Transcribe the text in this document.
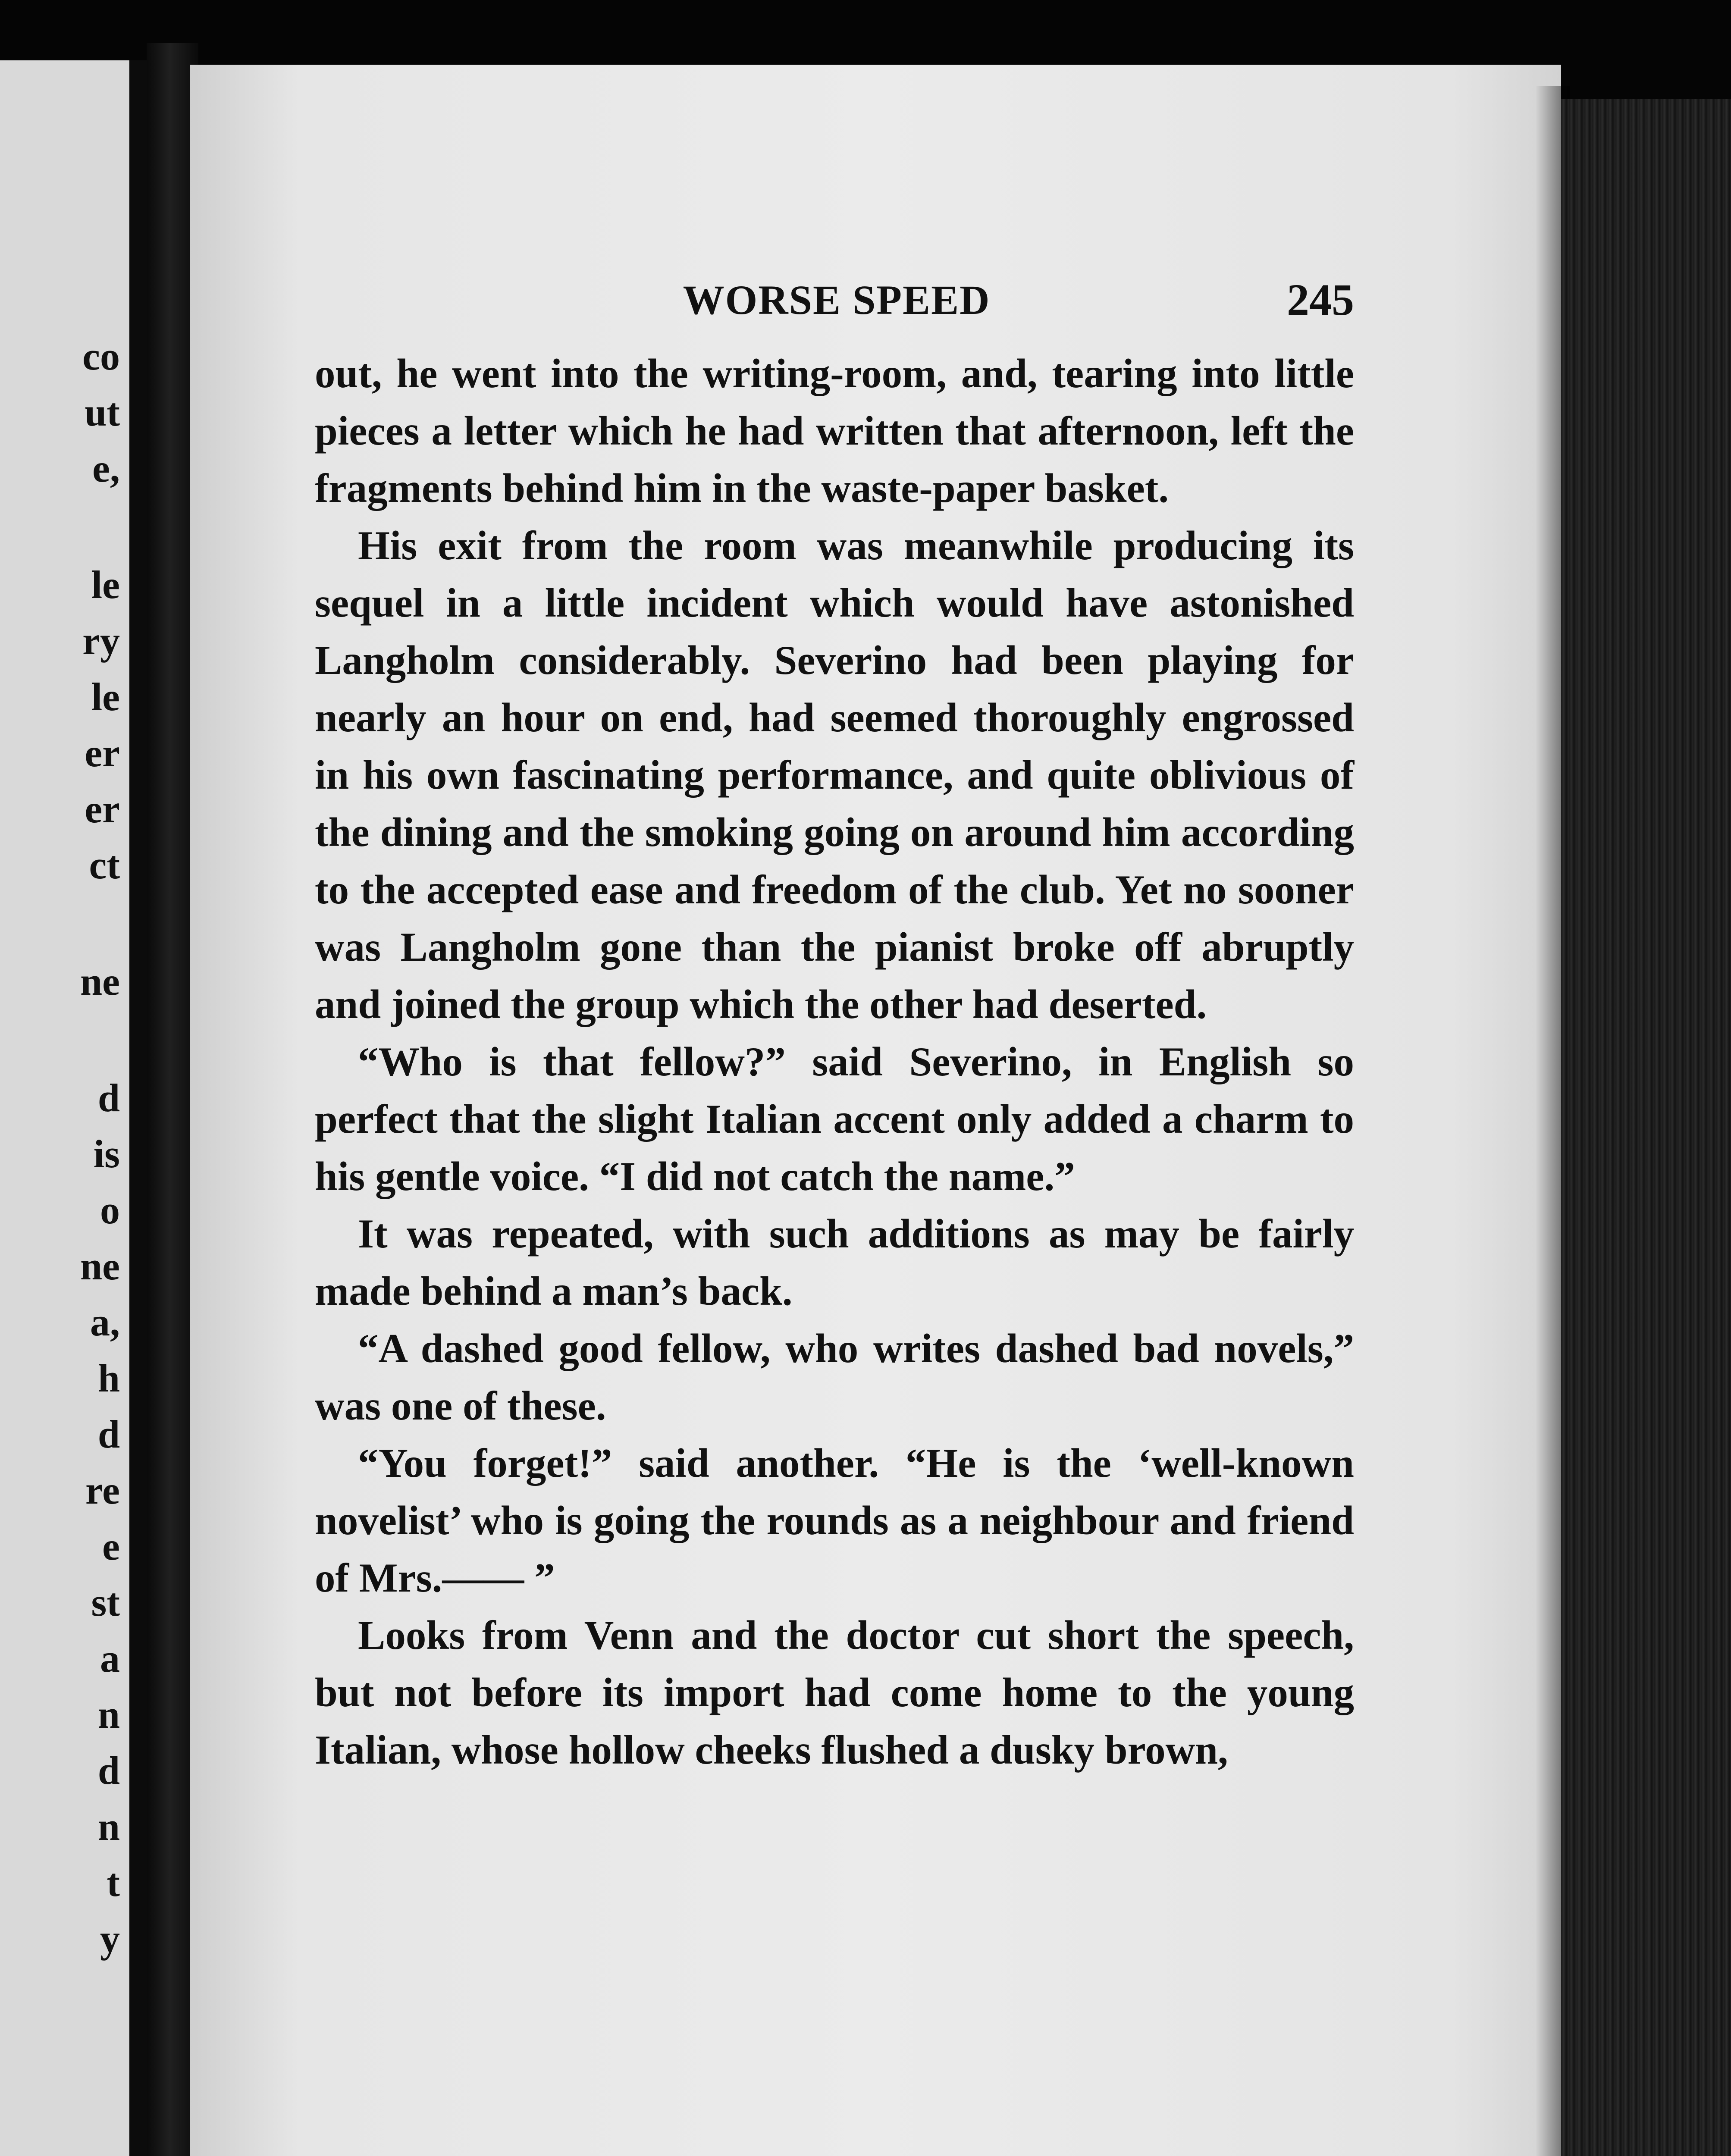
co
ut
e,
le
ry
le
er
er
ct
ne
d
is
o
ne
a,
h
d
re
e
st
a
n
d
n
t
y
WORSE SPEED	245

out, he went into the writing-room, and, tearing into little pieces a letter which he had written that afternoon, left the fragments behind him in the waste-paper basket.

His exit from the room was meanwhile producing its sequel in a little incident which would have astonished Langholm considerably. Severino had been playing for nearly an hour on end, had seemed thoroughly engrossed in his own fascinating performance, and quite oblivious of the dining and the smoking going on around him according to the accepted ease and freedom of the club. Yet no sooner was Langholm gone than the pianist broke off abruptly and joined the group which the other had deserted.

“Who is that fellow?” said Severino, in English so perfect that the slight Italian accent only added a charm to his gentle voice. “I did not catch the name.”

It was repeated, with such additions as may be fairly made behind a man’s back.

“A dashed good fellow, who writes dashed bad novels,” was one of these.

“You forget!” said another. “He is the ‘well-known novelist’ who is going the rounds as a neighbour and friend of Mrs.—— ”

Looks from Venn and the doctor cut short the speech, but not before its import had come home to the young Italian, whose hollow cheeks flushed a dusky brown,
